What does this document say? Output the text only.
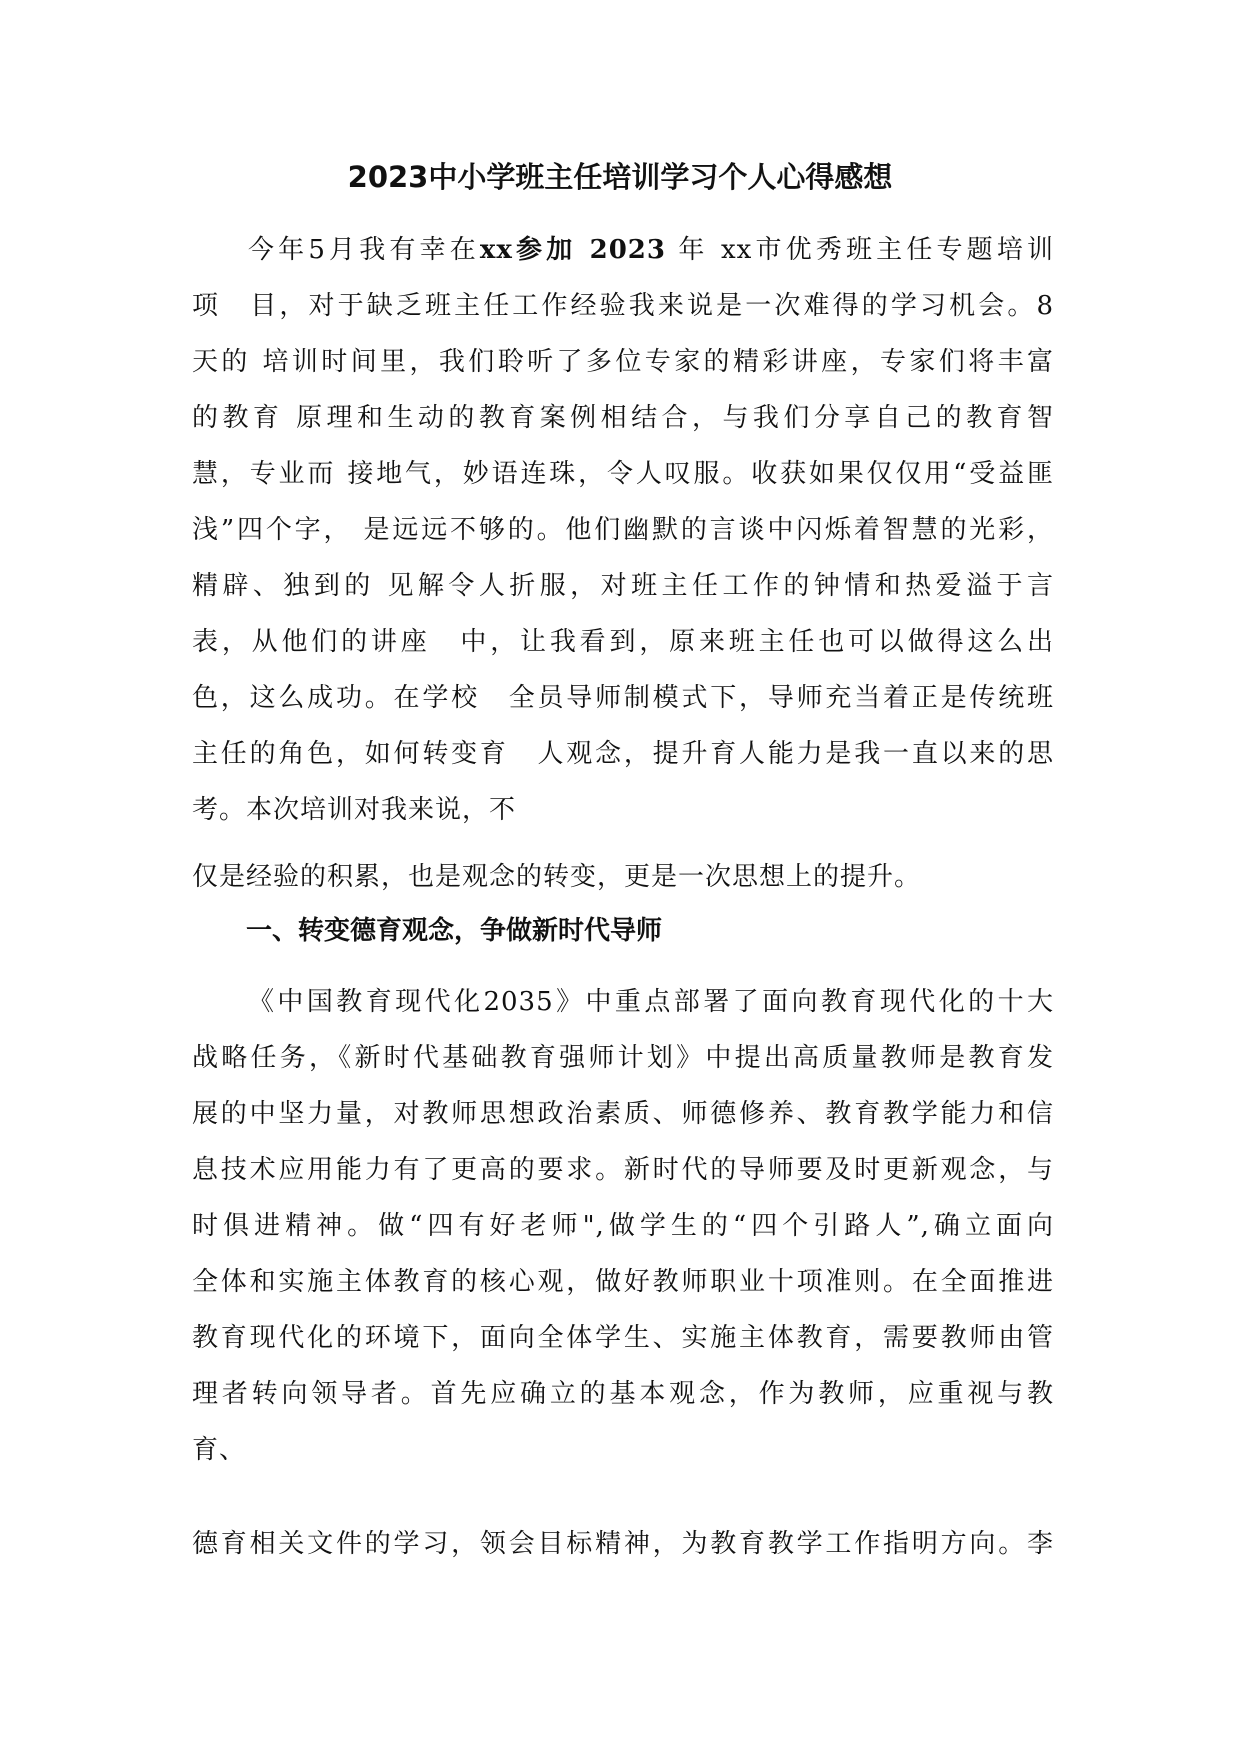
2023中小学班主任培训学习个人心得感想
今年5月我有幸在xx参加 2023 年 xx市优秀班主任专题培训
项　目，对于缺乏班主任工作经验我来说是一次难得的学习机会。8
天的 培训时间里，我们聆听了多位专家的精彩讲座，专家们将丰富
的教育 原理和生动的教育案例相结合，与我们分享自己的教育智
慧，专业而 接地气，妙语连珠，令人叹服。收获如果仅仅用“受益匪
浅”四个字， 是远远不够的。他们幽默的言谈中闪烁着智慧的光彩，
精辟、独到的 见解令人折服，对班主任工作的钟情和热爱溢于言
表，从他们的讲座　中，让我看到，原来班主任也可以做得这么出
色，这么成功。在学校　全员导师制模式下，导师充当着正是传统班
主任的角色，如何转变育　人观念，提升育人能力是我一直以来的思
考。本次培训对我来说，不
仅是经验的积累，也是观念的转变，更是一次思想上的提升。
一、转变德育观念，争做新时代导师
《中国教育现代化2035》中重点部署了面向教育现代化的十大
战略任务，《新时代基础教育强师计划》中提出高质量教师是教育发
展的中坚力量，对教师思想政治素质、师德修养、教育教学能力和信
息技术应用能力有了更高的要求。新时代的导师要及时更新观念，与
时俱进精神。做“四有好老师",做学生的“四个引路人”,确立面向
全体和实施主体教育的核心观，做好教师职业十项准则。在全面推进
教育现代化的环境下，面向全体学生、实施主体教育，需要教师由管
理者转向领导者。首先应确立的基本观念，作为教师，应重视与教
育、
德育相关文件的学习，领会目标精神，为教育教学工作指明方向。李
